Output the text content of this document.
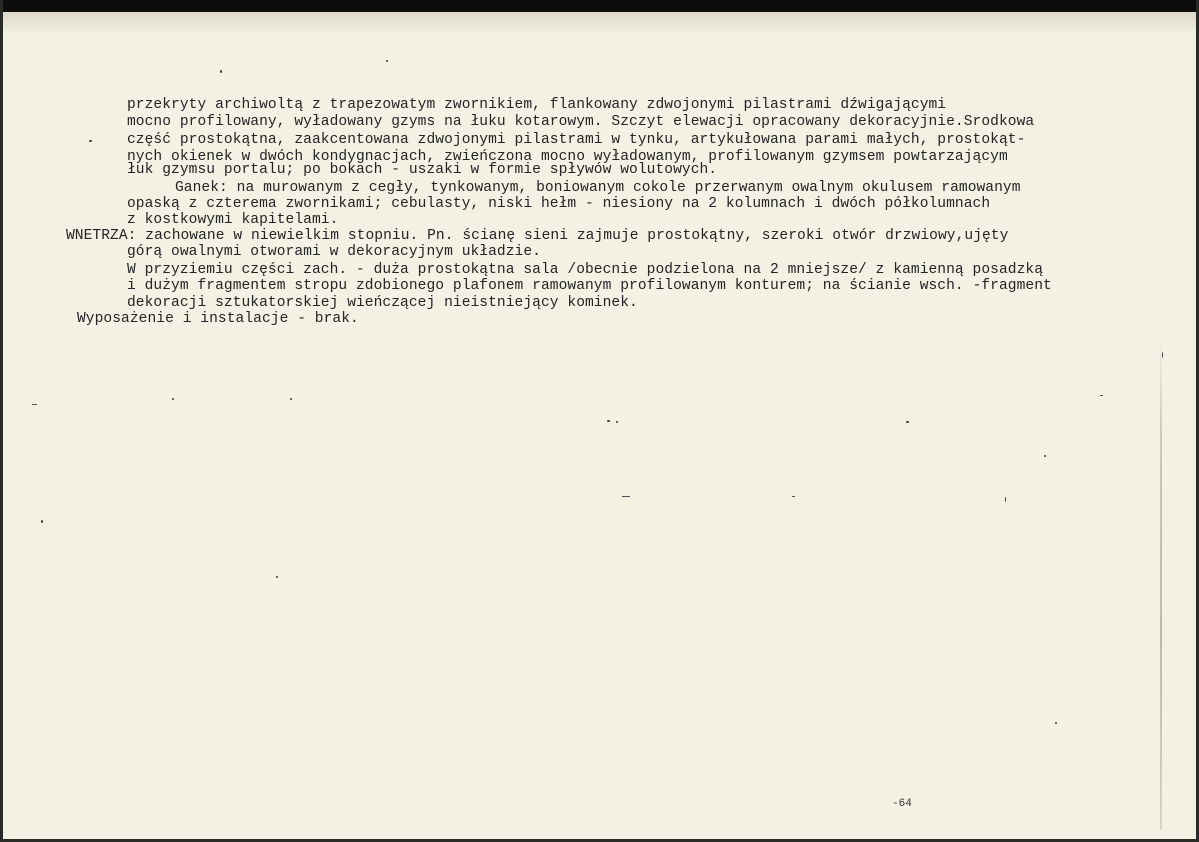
przekryty archiwoltą z trapezowatym zwornikiem, flankowany zdwojonymi pilastrami dźwigającymi
mocno profilowany, wyładowany gzyms na łuku kotarowym. Szczyt elewacji opracowany dekoracyjnie.Srodkowa
część prostokątna, zaakcentowana zdwojonymi pilastrami w tynku, artykułowana parami małych, prostokąt-
nych okienek w dwóch kondygnacjach, zwieńczona mocno wyładowanym, profilowanym gzymsem powtarzającym
łuk gzymsu portalu; po bokach - uszaki w formie spływów wolutowych.
Ganek: na murowanym z cegły, tynkowanym, boniowanym cokole przerwanym owalnym okulusem ramowanym
opaską z czterema zwornikami; cebulasty, niski hełm - niesiony na 2 kolumnach i dwóch półkolumnach
z kostkowymi kapitelami.
WNETRZA: zachowane w niewielkim stopniu. Pn. ścianę sieni zajmuje prostokątny, szeroki otwór drzwiowy,ujęty
górą owalnymi otworami w dekoracyjnym układzie.
W przyziemiu części zach. - duża prostokątna sala /obecnie podzielona na 2 mniejsze/ z kamienną posadzką
i dużym fragmentem stropu zdobionego plafonem ramowanym profilowanym konturem; na ścianie wsch. -fragment
dekoracji sztukatorskiej wieńczącej nieistniejący kominek.
Wyposażenie i instalacje - brak.
-64
